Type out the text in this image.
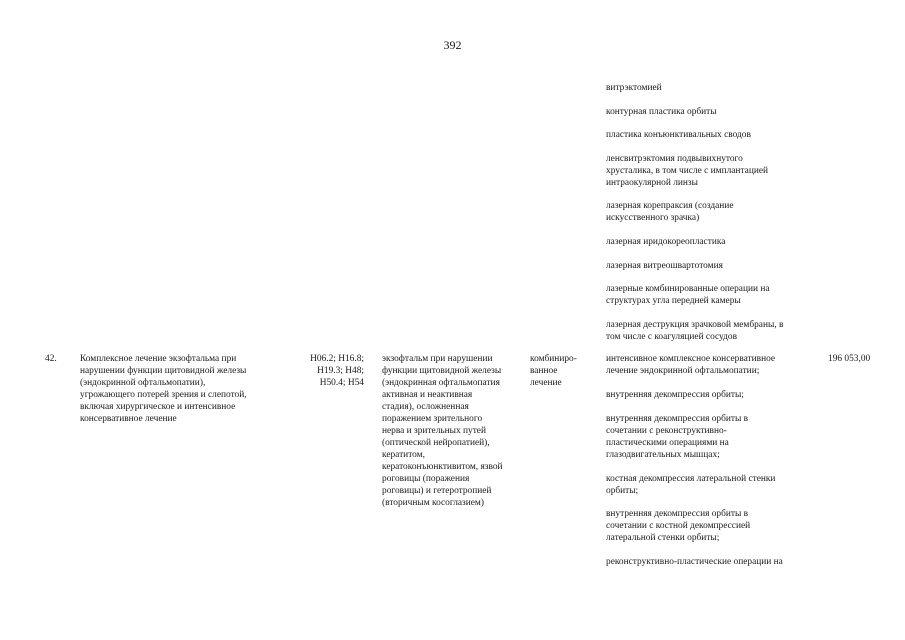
392
витрэктомией
контурная пластика орбиты
пластика конъюнктивальных сводов
ленсвитрэктомия подвывихнутого
хрусталика, в том числе с имплантацией
интраокулярной линзы
лазерная корепраксия (создание
искусственного зрачка)
лазерная иридокореопластика
лазерная витреошвартотомия
лазерные комбинированные операции на
структурах угла передней камеры
лазерная деструкция зрачковой мембраны, в
том числе с коагуляцией сосудов
42.	Комплексное лечение экзофтальма при
нарушении функции щитовидной железы
(эндокринной офтальмопатии),
угрожающего потерей зрения и слепотой,
включая хирургическое и интенсивное
консервативное лечение
H06.2; H16.8;
H19.3; H48;
H50.4; H54
экзофтальм при нарушении
функции щитовидной железы
(эндокринная офтальмопатия
активная и неактивная
стадия), осложненная
поражением зрительного
нерва и зрительных путей
(оптической нейропатией),
кератитом,
кератоконъюнктивитом, язвой
роговицы (поражения
роговицы) и гетеротропией
(вторичным косоглазием)
комбиниро-
ванное
лечение
интенсивное комплексное консервативное
лечение эндокринной офтальмопатии;
внутренняя декомпрессия орбиты;
внутренняя декомпрессия орбиты в
сочетании с реконструктивно-
пластическими операциями на
глазодвигательных мышцах;
костная декомпрессия латеральной стенки
орбиты;
внутренняя декомпрессия орбиты в
сочетании с костной декомпрессией
латеральной стенки орбиты;
реконструктивно-пластические операции на
196 053,00
